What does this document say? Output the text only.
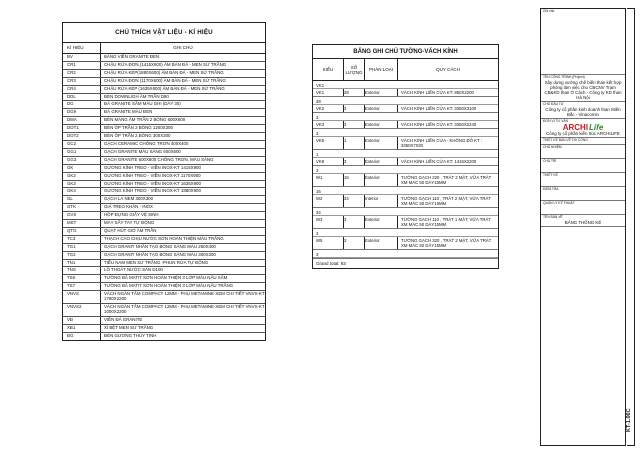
CHÚ THÍCH VẬT LIỆU - KÍ HIỆU
KÍ HIỆU	GHI CHÚ
BV	BĂNG VIỀN GRANITE ĐEN
CR1	CHẬU RỬA ĐƠN (1415X600) ÂM BÀN ĐÁ - MEN SỨ TRẮNG
CR2	CHẬU RỬA KÉP(1880X600) ÂM BÀN ĐÁ - MEN SỨ TRẮNG
CR3	CHẬU RỬA ĐƠN (1170X600) ÂM BÀN ĐÁ - MEN SỨ TRẮNG
CR4	CHẬU RỬA KÉP (1635X600) ÂM BÀN ĐÁ - MEN SỨ TRẮNG
DDL	ĐÈN DOWNLIGH ÂM TRẦN D90
DG	ĐÁ GRANITE SẪM MÀU GHI (DÀY 30)
DG9	ĐÁ GRANITE MÀU ĐEN
DMA	ĐÈN MÁNG ÂM TRẦN 2 BÓNG 600X600
DOT1	ĐÈN ỐP TRẦN 2 BÓNG 1200X300
DOT2	ĐÈN ỐP TRẦN 2 BÓNG 300X300
GC2	GẠCH CERAMIC CHỐNG TRƠN 400X400
GG1	GẠCH GRANITE MÀU SÁNG 600X600
GG3	GẠCH GRANITE 600X600 CHỐNG TRƠN, MÀU SÁNG
GK	GƯƠNG KÍNH TREO - VIỀN INOX-KT 1415X900
GK2	GƯƠNG KÍNH TREO - VIỀN INOX-KT 1170X900
GK3	GƯƠNG KÍNH TREO - VIỀN INOX-KT 1635X900
GK4	GƯƠNG KÍNH TREO - VIỀN INOX-KT 1880X900
GL	GẠCH LÁ NEM 300X300
GTK	GIÁ TREO KHĂN - INOX
GVS	HỘP ĐỰNG GIẤY VỆ SINH
MST	MÁY SẤY TAY TỰ ĐỘNG
QTG	QUẠT HÚT GIÓ ÂM TRẦN
TC3	THẠCH CAO CHỊU NƯỚC SƠN HOÀN THIỆN MÀU TRẮNG
TG1	GẠCH GRANIT NHÂN TẠO BÓNG SÁNG MÀU 250X400
TG2	GẠCH GRANIT NHÂN TẠO BÓNG SÁNG MÀU 300X300
TN1	TIỂU NAM MEN SỨ TRẮNG -PHUN RỬA TỰ ĐỘNG
TNS	LỖ THOÁT NƯỚC SÀN D100
TS6	TƯỜNG BẢ MATIT SƠN HOÀN THIỆN 3 LỚP MÀU NÂU SẪM
TS7	TƯỜNG BẢ MATIT SƠN HOÀN THIỆN 3 LỚP MÀU NÂU TRẮNG
VNVS	VÁCH NGĂN TẤM COMPACT 12MM - PHỤ METAMINE-XEM CHI TIẾT VNVS-KT 1780X2200
VNVS2	VÁCH NGĂN TẤM COMPACT 12MM - PHỤ METAMINE-XEM CHI TIẾT VNVS-KT 1000X2200
VĐ	VIỀN ĐÁ GRANITE
XB1	XÍ BỆT MEN SỨ TRẮNG
ĐG	ĐÈN GƯƠNG THỦY TINH
BẢNG GHI CHÚ TƯỜNG-VÁCH KÍNH
KIỂU	SỐ LƯỢNG	PHÂN LOẠI	QUY CÁCH
VK1
VK1	28	Exterior	VÁCH KÍNH LIỀN CỬA KT: 850X2200
28
VK2	3	Exterior	VÁCH KÍNH LIỀN CỬA KT: 3350X3100
3
VK3	3	Exterior	VÁCH KÍNH LIỀN CỬA KT: 3350X2240
3
VK5	1	Exterior	VÁCH KÍNH LIỀN CỬA - KHÔNG ĐỐ KT : 3350X7030
1
VK8	3	Exterior	VÁCH KÍNH LIỀN CỬA KT: 1415X2200
3
W1	16	Exterior	TƯỜNG GẠCH 220 , TRÁT 2 MẶT, VỮA TRÁT XM MÁC 50 DÀY15MM
16
W2	34	Interior	TƯỜNG GẠCH 110 , TRÁT 2 MẶT, VỮA TRÁT XM MÁC 50 DÀY15MM
34
W3	3	Exterior	TƯỜNG GẠCH 110 , TRÁT 1 MẶT, VỮA TRÁT XM MÁC 50 DÀY15MM
3
W5	3	Exterior	TƯỜNG GẠCH 320 , TRÁT 2 MẶT, VỮA TRÁT XM MÁC 50 DÀY15MM
3
Grand total: 93
Ghi chú
TÊN CÔNG TRÌNH (Project)
Xây dựng xưởng chế biến than kết hợp phòng làm việc cho CBCNV Trạm CB&KD than Ô Cách - Công ty KD than Hà Nội
CHỦ ĐẦU TƯ
Công ty cổ phần kinh doanh than Miền Bắc - Vinacomin
ĐƠN VỊ TƯ VẤN
ARCHI Life
Công ty cổ phần kiến trúc ARCHILIFE
THIẾT KẾ BẢN VẼ THI CÔNG
CHỦ NHIỆM
CHỦ TRÌ
THIẾT KẾ
KIỂM TRA
QUẢN LÝ KỸ THUẬT
TÊN BẢN VẼ
BẢNG THỐNG KÊ
KT-1.06C
